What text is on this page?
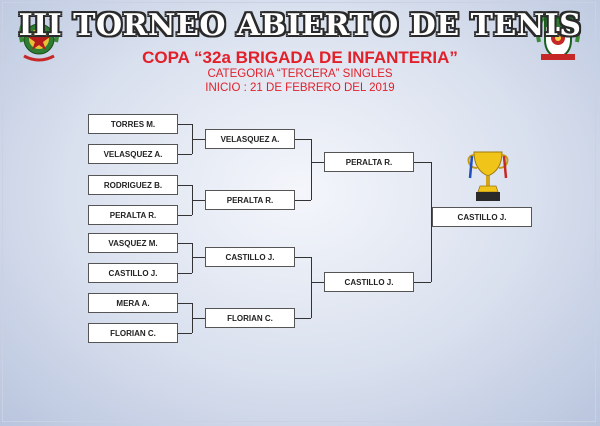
III TORNEO ABIERTO DE TENIS
COPA “32a BRIGADA DE INFANTERIA”
CATEGORIA “TERCERA” SINGLES
INICIO : 21 DE FEBRERO DEL 2019
TORRES M.
VELASQUEZ A.
RODRIGUEZ B.
PERALTA R.
VASQUEZ M.
CASTILLO J.
MERA A.
FLORIAN C.
VELASQUEZ A.
PERALTA R.
CASTILLO J.
FLORIAN C.
PERALTA R.
CASTILLO J.
CASTILLO J.
